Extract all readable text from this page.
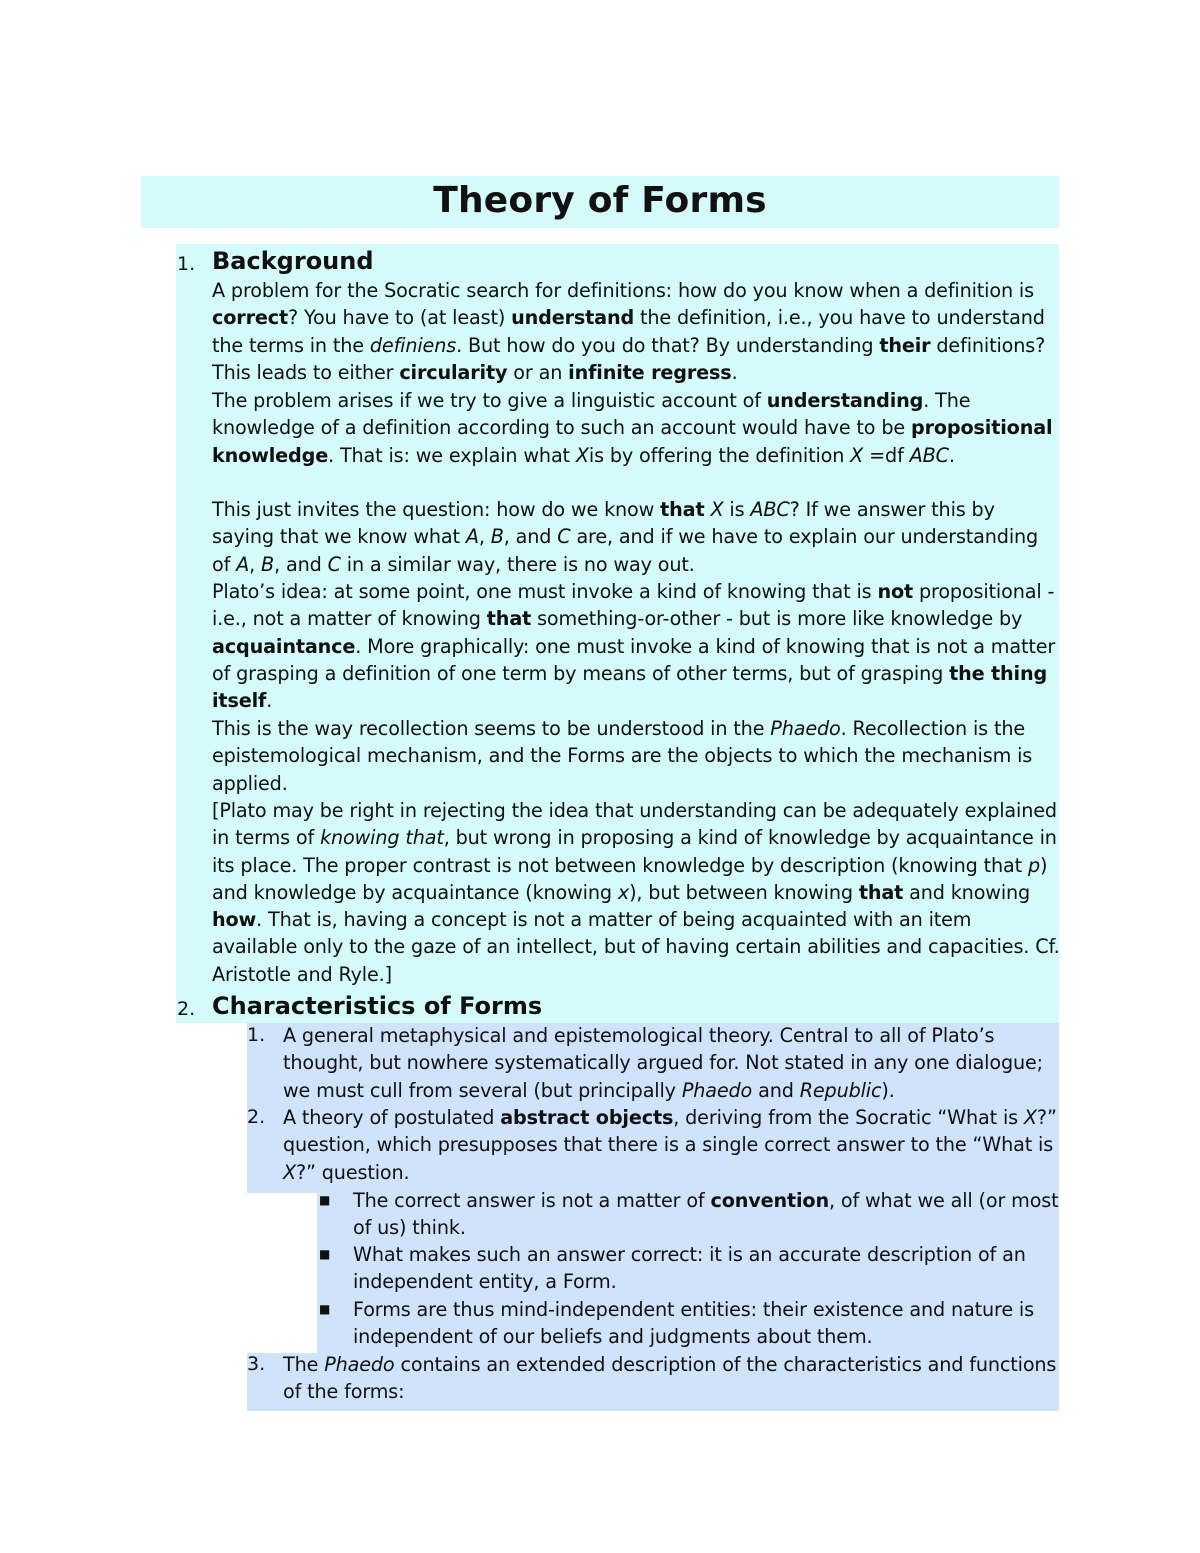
Theory of Forms
1. Background

A problem for the Socratic search for definitions: how do you know when a definition is correct? You have to (at least) understand the definition, i.e., you have to understand the terms in the definiens. But how do you do that? By understanding their definitions? This leads to either circularity or an infinite regress.

The problem arises if we try to give a linguistic account of understanding. The knowledge of a definition according to such an account would have to be propositional knowledge. That is: we explain what Xis by offering the definition X =df ABC.

This just invites the question: how do we know that X is ABC? If we answer this by saying that we know what A, B, and C are, and if we have to explain our understanding of A, B, and C in a similar way, there is no way out.

Plato’s idea: at some point, one must invoke a kind of knowing that is not propositional - i.e., not a matter of knowing that something-or-other - but is more like knowledge by acquaintance. More graphically: one must invoke a kind of knowing that is not a matter of grasping a definition of one term by means of other terms, but of grasping the thing itself.

This is the way recollection seems to be understood in the Phaedo. Recollection is the epistemological mechanism, and the Forms are the objects to which the mechanism is applied.

[Plato may be right in rejecting the idea that understanding can be adequately explained in terms of knowing that, but wrong in proposing a kind of knowledge by acquaintance in its place. The proper contrast is not between knowledge by description (knowing that p) and knowledge by acquaintance (knowing x), but between knowing that and knowing how. That is, having a concept is not a matter of being acquainted with an item available only to the gaze of an intellect, but of having certain abilities and capacities. Cf. Aristotle and Ryle.]

2. Characteristics of Forms
1. A general metaphysical and epistemological theory. Central to all of Plato’s thought, but nowhere systematically argued for. Not stated in any one dialogue; we must cull from several (but principally Phaedo and Republic).

2. A theory of postulated abstract objects, deriving from the Socratic “What is X?” question, which presupposes that there is a single correct answer to the “What is X?” question.

■ The correct answer is not a matter of convention, of what we all (or most of us) think.

■ What makes such an answer correct: it is an accurate description of an independent entity, a Form.

■ Forms are thus mind-independent entities: their existence and nature is independent of our beliefs and judgments about them.

3. The Phaedo contains an extended description of the characteristics and functions of the forms:
